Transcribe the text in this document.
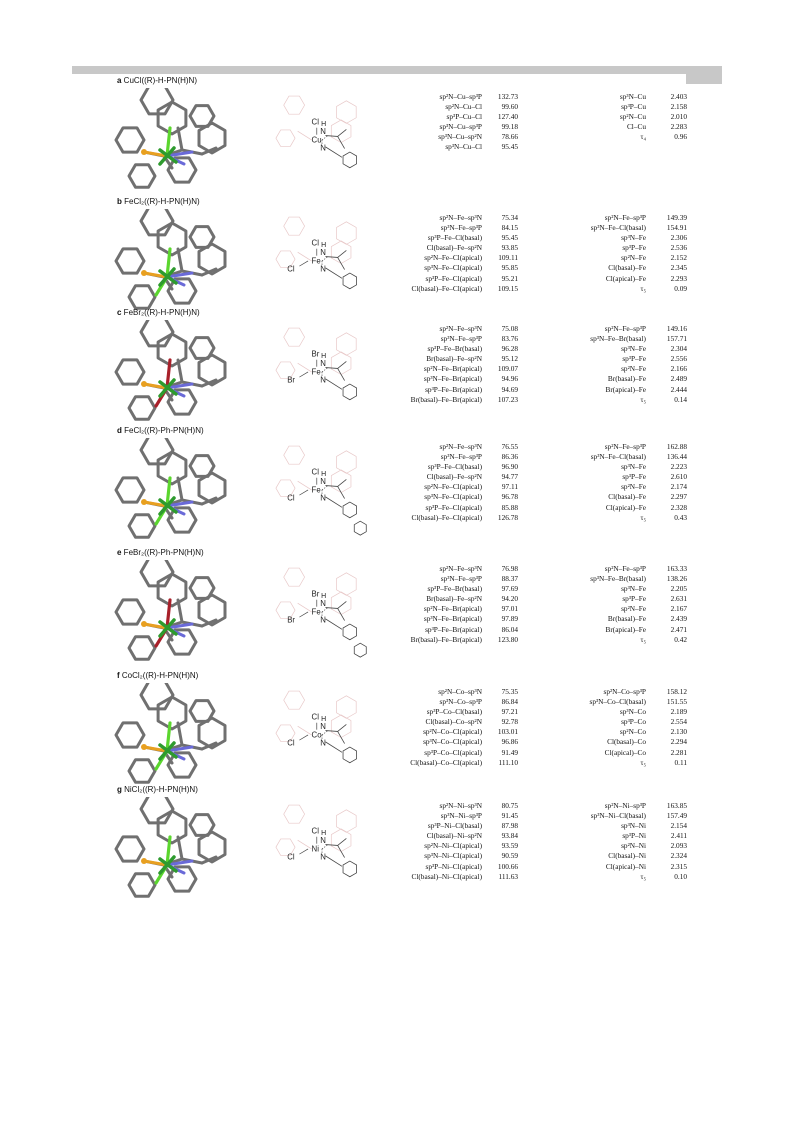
a CuCl((R)-H-PN(H)N)
Cu
N
H
N
Cl
sp²N–Cu–sp³P	132.73
sp²N–Cu–Cl	99.60
sp³P–Cu–Cl	127.40
sp³N–Cu–sp³P	99.18
sp³N–Cu–sp²N	78.66
sp³N–Cu–Cl	95.45
sp³N–Cu	2.403
sp³P–Cu	2.158
sp²N–Cu	2.010
Cl–Cu	2.283
τ₄	0.96
b FeCl₂((R)-H-PN(H)N)
Fe
N
H
N
Cl
Cl
sp²N–Fe–sp³N	75.34
sp³N–Fe–sp³P	84.15
sp³P–Fe–Cl(basal)	95.45
Cl(basal)–Fe–sp²N	93.85
sp²N–Fe–Cl(apical)	109.11
sp³N–Fe–Cl(apical)	95.85
sp³P–Fe–Cl(apical)	95.21
Cl(basal)–Fe–Cl(apical)	109.15
sp²N–Fe–sp³P	149.39
sp³N–Fe–Cl(basal)	154.91
sp³N–Fe	2.306
sp³P–Fe	2.536
sp²N–Fe	2.152
Cl(basal)–Fe	2.345
Cl(apical)–Fe	2.293
τ₅	0.09
c FeBr₂((R)-H-PN(H)N)
Fe
N
H
N
Br
Br
sp²N–Fe–sp³N	75.08
sp³N–Fe–sp³P	83.76
sp³P–Fe–Br(basal)	96.28
Br(basal)–Fe–sp²N	95.12
sp²N–Fe–Br(apical)	109.07
sp³N–Fe–Br(apical)	94.96
sp³P–Fe–Br(apical)	94.69
Br(basal)–Fe–Br(apical)	107.23
sp²N–Fe–sp³P	149.16
sp³N–Fe–Br(basal)	157.71
sp³N–Fe	2.304
sp³P–Fe	2.556
sp²N–Fe	2.166
Br(basal)–Fe	2.489
Br(apical)–Fe	2.444
τ₅	0.14
d FeCl₂((R)-Ph-PN(H)N)
Fe
N
H
N
Cl
Cl
sp²N–Fe–sp³N	76.55
sp³N–Fe–sp³P	86.36
sp³P–Fe–Cl(basal)	96.90
Cl(basal)–Fe–sp²N	94.77
sp²N–Fe–Cl(apical)	97.11
sp³N–Fe–Cl(apical)	96.78
sp³P–Fe–Cl(apical)	85.88
Cl(basal)–Fe–Cl(apical)	126.78
sp²N–Fe–sp³P	162.88
sp³N–Fe–Cl(basal)	136.44
sp³N–Fe	2.223
sp³P–Fe	2.610
sp²N–Fe	2.174
Cl(basal)–Fe	2.297
Cl(apical)–Fe	2.328
τ₅	0.43
e FeBr₂((R)-Ph-PN(H)N)
Fe
N
H
N
Br
Br
sp²N–Fe–sp³N	76.98
sp³N–Fe–sp³P	88.37
sp³P–Fe–Br(basal)	97.69
Br(basal)–Fe–sp²N	94.20
sp²N–Fe–Br(apical)	97.01
sp³N–Fe–Br(apical)	97.89
sp³P–Fe–Br(apical)	86.04
Br(basal)–Fe–Br(apical)	123.80
sp²N–Fe–sp³P	163.33
sp³N–Fe–Br(basal)	138.26
sp³N–Fe	2.205
sp³P–Fe	2.631
sp²N–Fe	2.167
Br(basal)–Fe	2.439
Br(apical)–Fe	2.471
τ₅	0.42
f CoCl₂((R)-H-PN(H)N)
Co
N
H
N
Cl
Cl
sp²N–Co–sp³N	75.35
sp³N–Co–sp³P	86.84
sp³P–Co–Cl(basal)	97.21
Cl(basal)–Co–sp²N	92.78
sp²N–Co–Cl(apical)	103.01
sp³N–Co–Cl(apical)	96.86
sp³P–Co–Cl(apical)	91.49
Cl(basal)–Co–Cl(apical)	111.10
sp²N–Co–sp³P	158.12
sp³N–Co–Cl(basal)	151.55
sp³N–Co	2.189
sp³P–Co	2.554
sp²N–Co	2.130
Cl(basal)–Co	2.294
Cl(apical)–Co	2.281
τ₅	0.11
g NiCl₂((R)-H-PN(H)N)
Ni
N
H
N
Cl
Cl
sp²N–Ni–sp³N	80.75
sp³N–Ni–sp³P	91.45
sp³P–Ni–Cl(basal)	87.98
Cl(basal)–Ni–sp²N	93.84
sp²N–Ni–Cl(apical)	93.59
sp³N–Ni–Cl(apical)	90.59
sp³P–Ni–Cl(apical)	100.66
Cl(basal)–Ni–Cl(apical)	111.63
sp²N–Ni–sp³P	163.85
sp³N–Ni–Cl(basal)	157.49
sp³N–Ni	2.154
sp³P–Ni	2.411
sp²N–Ni	2.093
Cl(basal)–Ni	2.324
Cl(apical)–Ni	2.315
τ₅	0.10
